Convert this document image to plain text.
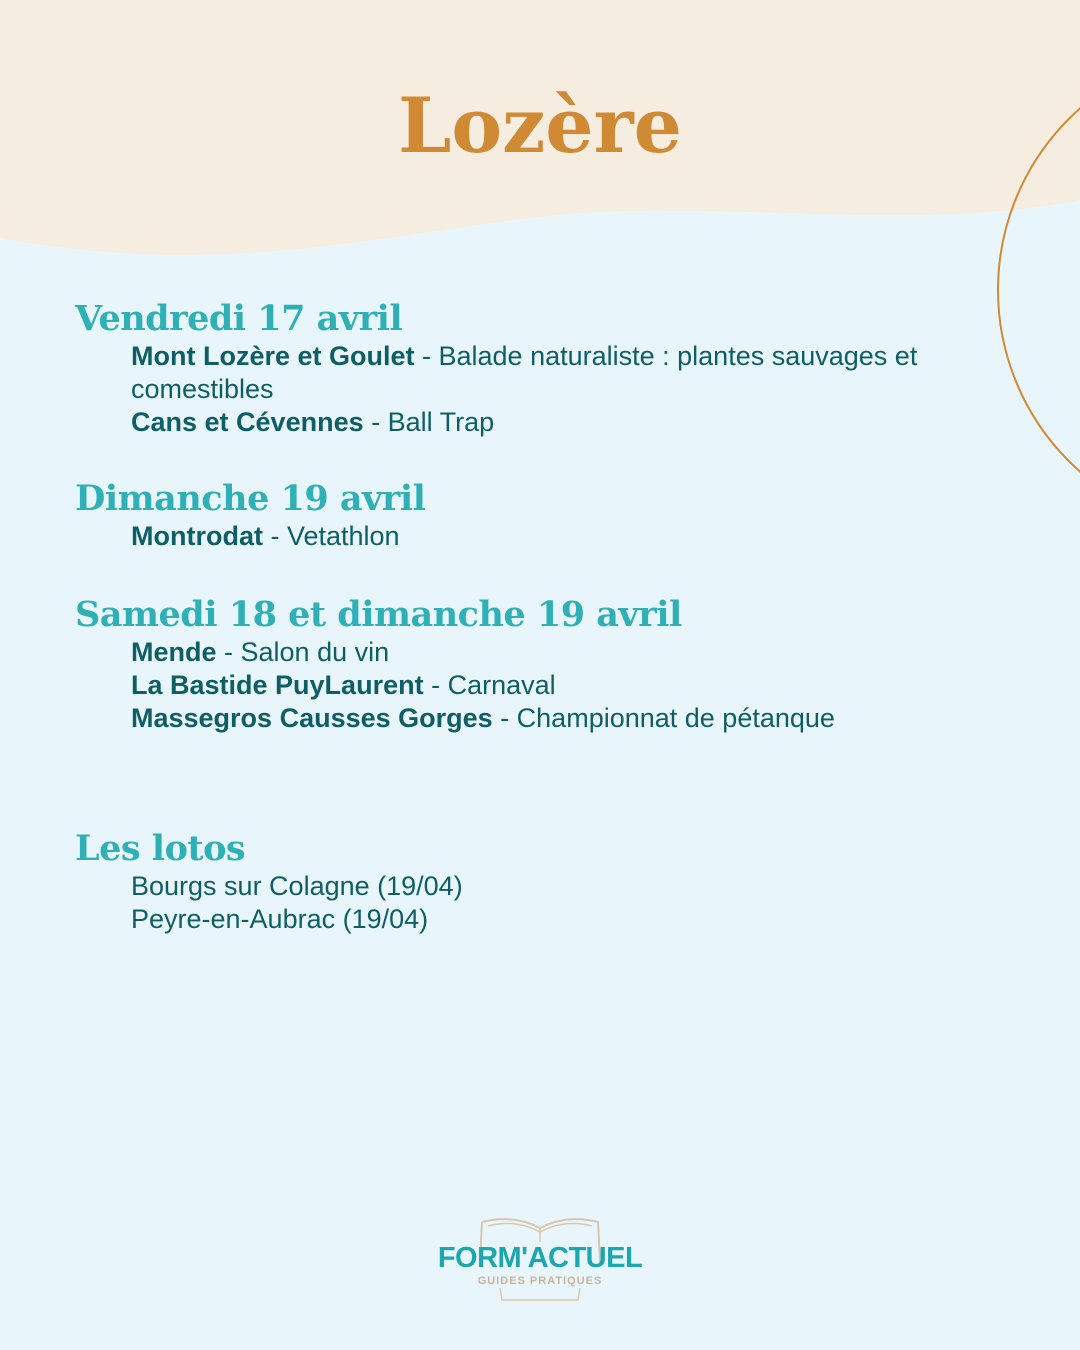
Lozère
Vendredi 17 avril
Mont Lozère et Goulet - Balade naturaliste : plantes sauvages et comestibles
Cans et Cévennes - Ball Trap
Dimanche 19 avril
Montrodat - Vetathlon
Samedi 18 et dimanche 19 avril
Mende - Salon du vin
La Bastide PuyLaurent - Carnaval
Massegros Causses Gorges - Championnat de pétanque
Les lotos
Bourgs sur Colagne (19/04)
Peyre-en-Aubrac (19/04)
FORM'ACTUEL
GUIDES PRATIQUES
